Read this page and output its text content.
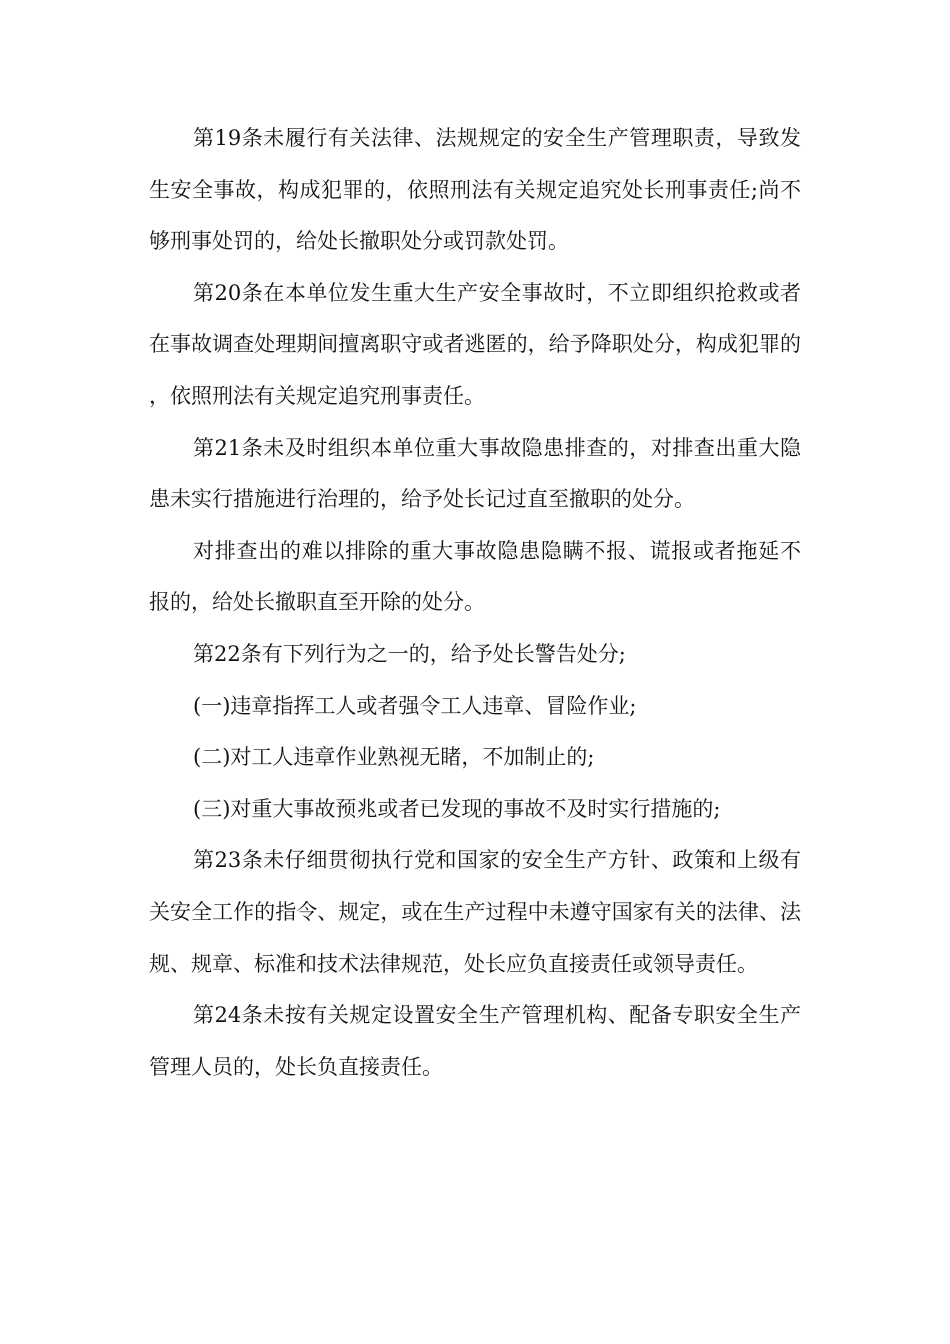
第19条未履行有关法律、法规规定的安全生产管理职责，导致发生安全事故，构成犯罪的，依照刑法有关规定追究处长刑事责任;尚不够刑事处罚的，给处长撤职处分或罚款处罚。

第20条在本单位发生重大生产安全事故时，不立即组织抢救或者在事故调查处理期间擅离职守或者逃匿的，给予降职处分，构成犯罪的，依照刑法有关规定追究刑事责任。

第21条未及时组织本单位重大事故隐患排查的，对排查出重大隐患未实行措施进行治理的，给予处长记过直至撤职的处分。

对排查出的难以排除的重大事故隐患隐瞒不报、谎报或者拖延不报的，给处长撤职直至开除的处分。

第22条有下列行为之一的，给予处长警告处分;

(一)违章指挥工人或者强令工人违章、冒险作业;

(二)对工人违章作业熟视无睹，不加制止的;

(三)对重大事故预兆或者已发现的事故不及时实行措施的;

第23条未仔细贯彻执行党和国家的安全生产方针、政策和上级有关安全工作的指令、规定，或在生产过程中未遵守国家有关的法律、法规、规章、标准和技术法律规范，处长应负直接责任或领导责任。

第24条未按有关规定设置安全生产管理机构、配备专职安全生产管理人员的，处长负直接责任。
